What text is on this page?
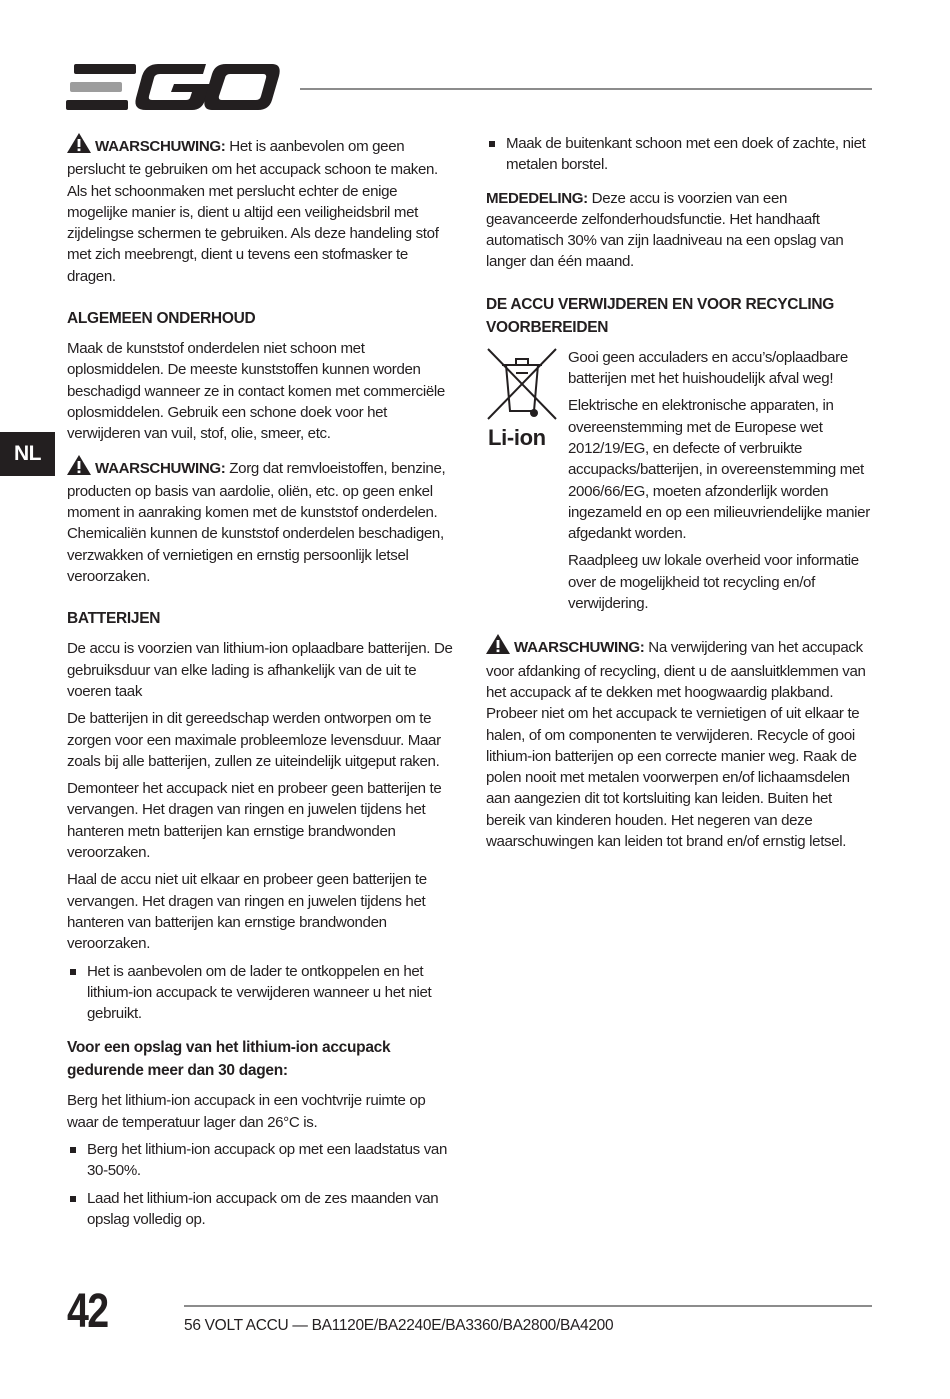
NL

WAARSCHUWING: Het is aanbevolen om geen perslucht te gebruiken om het accupack schoon te maken. Als het schoonmaken met perslucht echter de enige mogelijke manier is, dient u altijd een veiligheidsbril met zijdelingse schermen te gebruiken. Als deze handeling stof met zich meebrengt, dient u tevens een stofmasker te dragen.

ALGEMEEN ONDERHOUD

Maak de kunststof onderdelen niet schoon met oplosmiddelen. De meeste kunststoffen kunnen worden beschadigd wanneer ze in contact komen met commerciële oplosmiddelen. Gebruik een schone doek voor het verwijderen van vuil, stof, olie, smeer, etc.

WAARSCHUWING: Zorg dat remvloeistoffen, benzine, producten op basis van aardolie, oliën, etc. op geen enkel moment in aanraking komen met de kunststof onderdelen. Chemicaliën kunnen de kunststof onderdelen beschadigen, verzwakken of vernietigen en ernstig persoonlijk letsel veroorzaken.

BATTERIJEN

De accu is voorzien van lithium-ion oplaadbare batterijen. De gebruiksduur van elke lading is afhankelijk van de uit te voeren taak

De batterijen in dit gereedschap werden ontworpen om te zorgen voor een maximale probleemloze levensduur. Maar zoals bij alle batterijen, zullen ze uiteindelijk uitgeput raken.

Demonteer het accupack niet en probeer geen batterijen te vervangen. Het dragen van ringen en juwelen tijdens het hanteren metn batterijen kan ernstige brandwonden veroorzaken.

Haal de accu niet uit elkaar en probeer geen batterijen te vervangen. Het dragen van ringen en juwelen tijdens het hanteren van batterijen kan ernstige brandwonden veroorzaken.

Het is aanbevolen om de lader te ontkoppelen en het lithium-ion accupack te verwijderen wanneer u het niet gebruikt.
Voor een opslag van het lithium-ion accupack gedurende meer dan 30 dagen:

Berg het lithium-ion accupack in een vochtvrije ruimte op waar de temperatuur lager dan 26°C is.

Berg het lithium-ion accupack op met een laadstatus van 30-50%.
Laad het lithium-ion accupack om de zes maanden van opslag volledig op.
Maak de buitenkant schoon met een doek of zachte, niet metalen borstel.

MEDEDELING: Deze accu is voorzien van een geavanceerde zelfonderhoudsfunctie. Het handhaaft automatisch 30% van zijn laadniveau na een opslag van langer dan één maand.

DE ACCU VERWIJDEREN EN VOOR RECYCLING VOORBEREIDEN
Li-ion

Gooi geen acculaders en accu’s/oplaadbare batterijen met het huishoudelijk afval weg!

Elektrische en elektronische apparaten, in overeenstemming met de Europese wet 2012/19/EG, en defecte of verbruikte accupacks/batterijen, in overeenstemming met 2006/66/EG, moeten afzonderlijk worden ingezameld en op een milieuvriendelijke manier afgedankt worden.

Raadpleeg uw lokale overheid voor informatie over de mogelijkheid tot recycling en/of verwijdering.

WAARSCHUWING: Na verwijdering van het accupack voor afdanking of recycling, dient u de aansluitklemmen van het accupack af te dekken met hoogwaardig plakband. Probeer niet om het accupack te vernietigen of uit elkaar te halen, of om componenten te verwijderen. Recycle of gooi lithium-ion batterijen op een correcte manier weg. Raak de polen nooit met metalen voorwerpen en/of lichaamsdelen aan aangezien dit tot kortsluiting kan leiden. Buiten het bereik van kinderen houden. Het negeren van deze waarschuwingen kan leiden tot brand en/of ernstig letsel.

42	56 VOLT ACCU — BA1120E/BA2240E/BA3360/BA2800/BA4200
